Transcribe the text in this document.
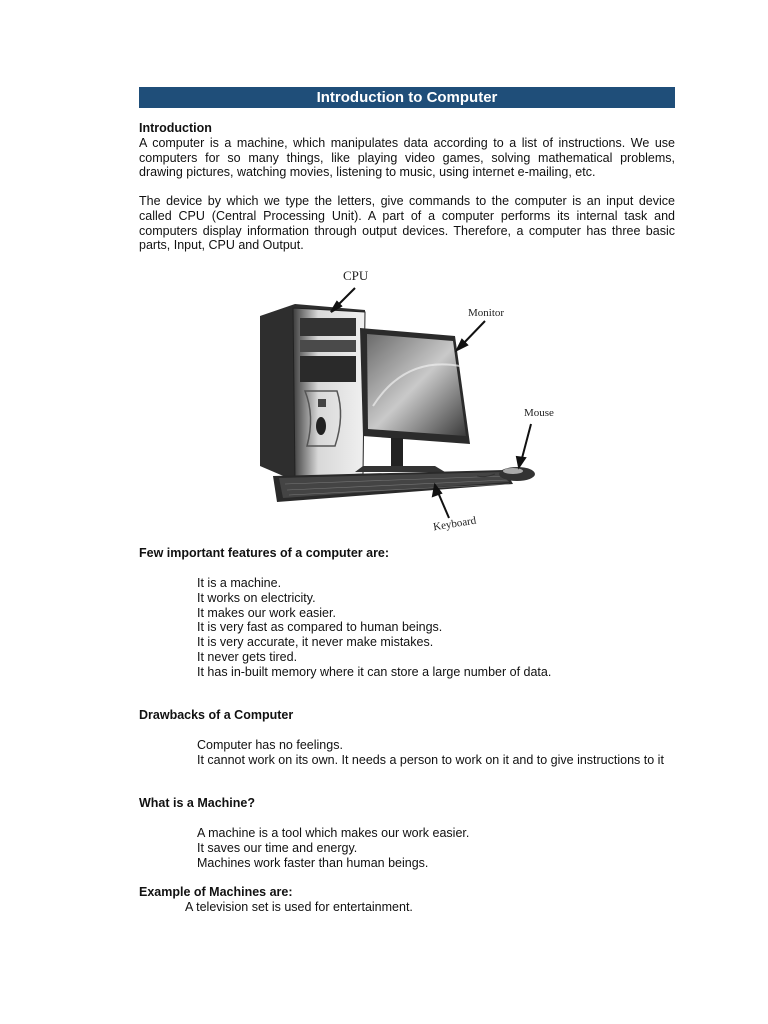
Introduction to Computer
Introduction

A computer is a machine, which manipulates data according to a list of instructions. We use computers for so many things, like playing video games, solving mathematical problems, drawing pictures, watching movies, listening to music, using internet e-mailing, etc.

The device by which we type the letters, give commands to the computer is an input device called CPU (Central Processing Unit). A part of a computer performs its internal task and computers display information through output devices. Therefore, a computer has three basic parts, Input, CPU and Output.

CPU
Monitor
Mouse
Keyboard
Few important features of a computer are:
It is a machine.
It works on electricity.
It makes our work easier.
It is very fast as compared to human beings.
It is very accurate, it never make mistakes.
It never gets tired.
It has in-built memory where it can store a large number of data.
Drawbacks of a Computer
Computer has no feelings.
It cannot work on its own. It needs a person to work on it and to give instructions to it
What is a Machine?
A machine is a tool which makes our work easier.
It saves our time and energy.
Machines work faster than human beings.
Example of Machines are:
A television set is used for entertainment.
